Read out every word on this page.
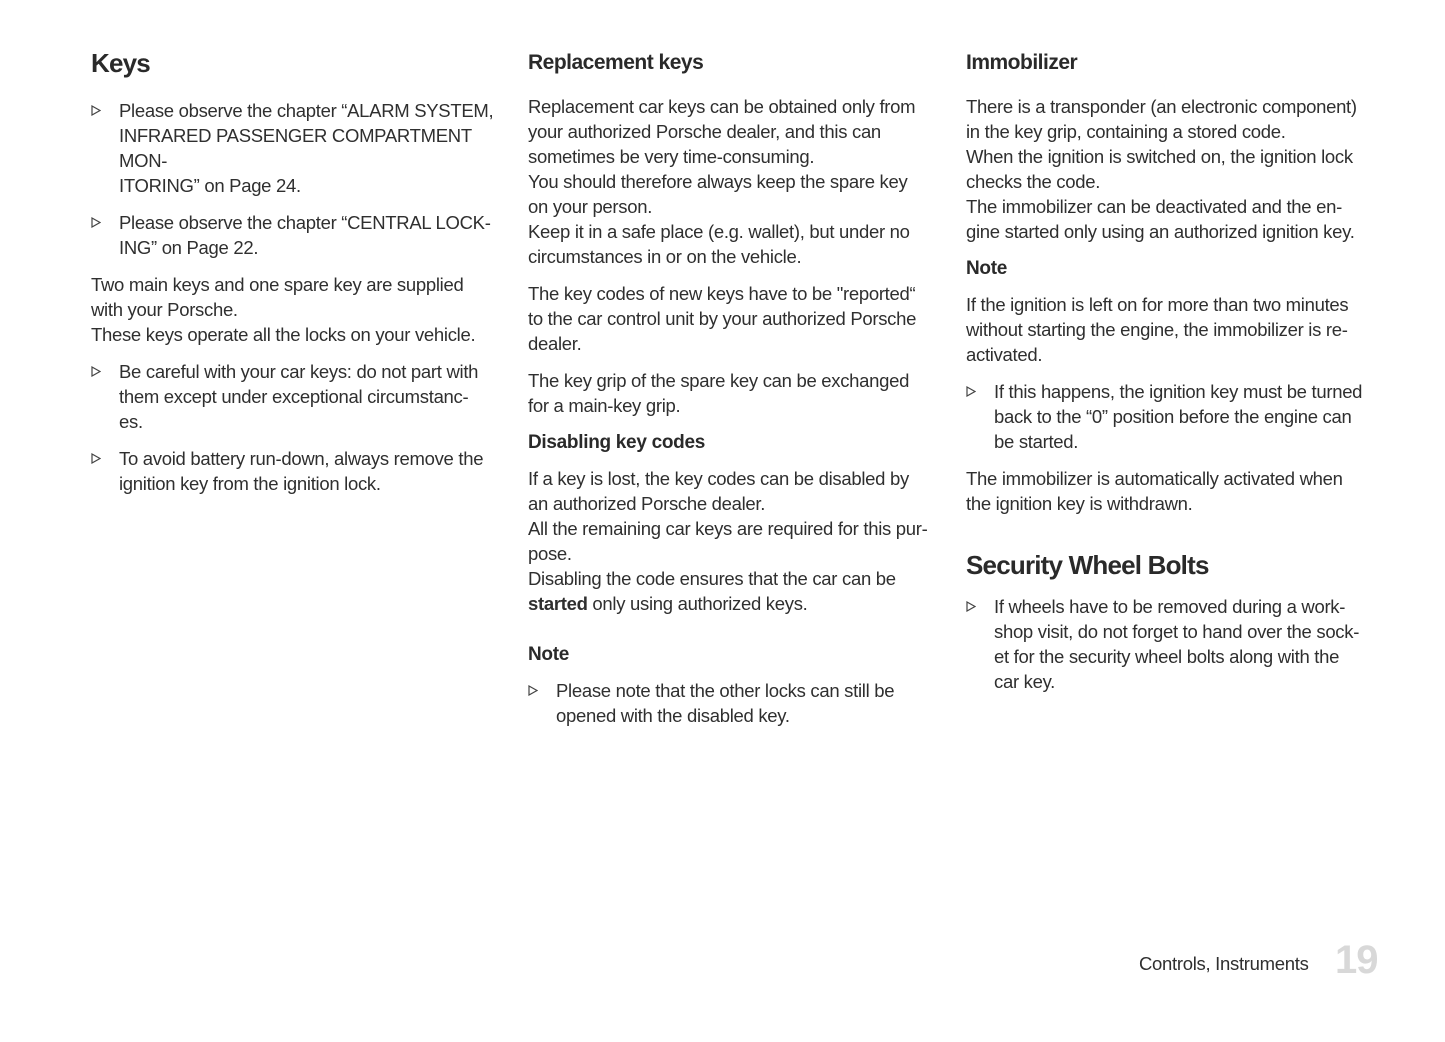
Keys
Please observe the chapter “ALARM SYSTEM,
INFRARED PASSENGER COMPARTMENT MON-
ITORING” on Page 24.
Please observe the chapter “CENTRAL LOCK-
ING” on Page 22.
Two main keys and one spare key are supplied
with your Porsche.
These keys operate all the locks on your vehicle.
Be careful with your car keys: do not part with
them except under exceptional circumstanc-
es.
To avoid battery run-down, always remove the
ignition key from the ignition lock.
Replacement keys
Replacement car keys can be obtained only from
your authorized Porsche dealer, and this can
sometimes be very time-consuming.
You should therefore always keep the spare key
on your person.
Keep it in a safe place (e.g. wallet), but under no
circumstances in or on the vehicle.
The key codes of new keys have to be "reported“
to the car control unit by your authorized Porsche
dealer.
The key grip of the spare key can be exchanged
for a main-key grip.
Disabling key codes
If a key is lost, the key codes can be disabled by
an authorized Porsche dealer.
All the remaining car keys are required for this pur-
pose.
Disabling the code ensures that the car can be
started only using authorized keys.
Note
Please note that the other locks can still be
opened with the disabled key.
Immobilizer
There is a transponder (an electronic component)
in the key grip, containing a stored code.
When the ignition is switched on, the ignition lock
checks the code.
The immobilizer can be deactivated and the en-
gine started only using an authorized ignition key.
Note
If the ignition is left on for more than two minutes
without starting the engine, the immobilizer is re-
activated.
If this happens, the ignition key must be turned
back to the “0” position before the engine can
be started.
The immobilizer is automatically activated when
the ignition key is withdrawn.
Security Wheel Bolts
If wheels have to be removed during a work-
shop visit, do not forget to hand over the sock-
et for the security wheel bolts along with the
car key.
Controls, Instruments 19
